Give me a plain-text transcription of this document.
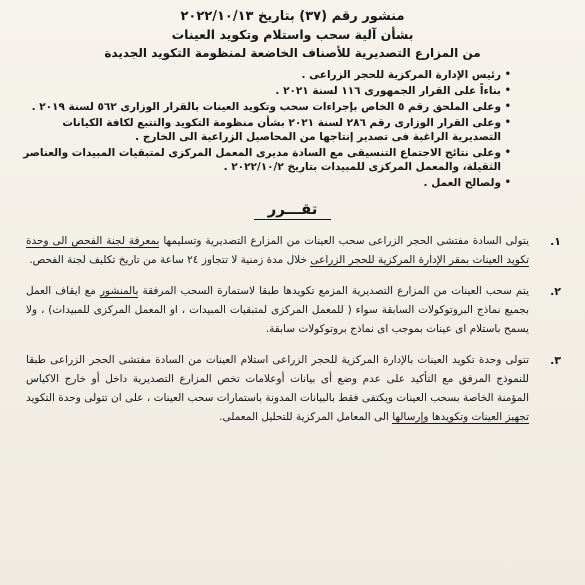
منشور رقم (٣٧) بتاريخ ٢٠٢٢/١٠/١٣
بشأن آلية سحب واستلام وتكويد العينات
من المزارع التصديرية للأصناف الخاضعة لمنظومة التكويد الجديدة
• رئيس الإدارة المركزية للحجر الزراعى .
• بناءاً على القرار الجمهورى ١١٦ لسنة ٢٠٢١ .
• وعلى الملحق رقم ٥ الخاص بإجراءات سحب وتكويد العينات بالقرار الوزارى ٥٦٢ لسنة ٢٠١٩ .
• وعلى القرار الوزارى رقم ٢٨٦ لسنة ٢٠٢١ بشأن منظومة التكويد والتتبع لكافة الكيانات التصديرية الراغبة فى تصدير إنتاجها من المحاصيل الزراعية الى الخارج .
• وعلى نتائج الاجتماع التنسيقى مع السادة مديرى المعمل المركزى لمتبقيات المبيدات والعناصر الثقيلة، والمعمل المركزى للمبيدات بتاريخ ٢٠٢٢/١٠/٢ .
• ولصالح العمل .
تقـــرر
١.
يتولى السادة مفتشى الحجر الزراعى سحب العينات من المزارع التصديرية وتسليمها بمعرفة لجنة الفحص الى وحدة تكويد العينات بمقر الإدارة المركزية للحجر الزراعى خلال مدة زمنية لا تتجاوز ٢٤ ساعة من تاريخ تكليف لجنة الفحص.
٢.
يتم سحب العينات من المزارع التصديرية المزمع تكويدها طبقا لاستمارة السحب المرفقة بالمنشور مع ايقاف العمل بجميع نماذج البروتوكولات السابقة سواء ( للمعمل المركزى لمتبقيات المبيدات ، او المعمل المركزى للمبيدات) ، ولا يسمح باستلام اى عينات بموجب اى نماذج بروتوكولات سابقة.
٣.
تتولى وحدة تكويد العينات بالإدارة المركزية للحجر الزراعى استلام العينات من السادة مفتشى الحجر الزراعى طبقا للنموذج المرفق مع التأكيد على عدم وضع أى بيانات أوعلامات تخص المزارع التصديرية داخل أو خارج الاكياس المؤمنة الخاصة بسحب العينات ويكتفى فقط بالبيانات المدونة باستمارات سحب العينات ، على ان تتولى وحدة التكويد تجهيز العينات وتكويدها وإرسالها الى المعامل المركزية للتحليل المعملى.
